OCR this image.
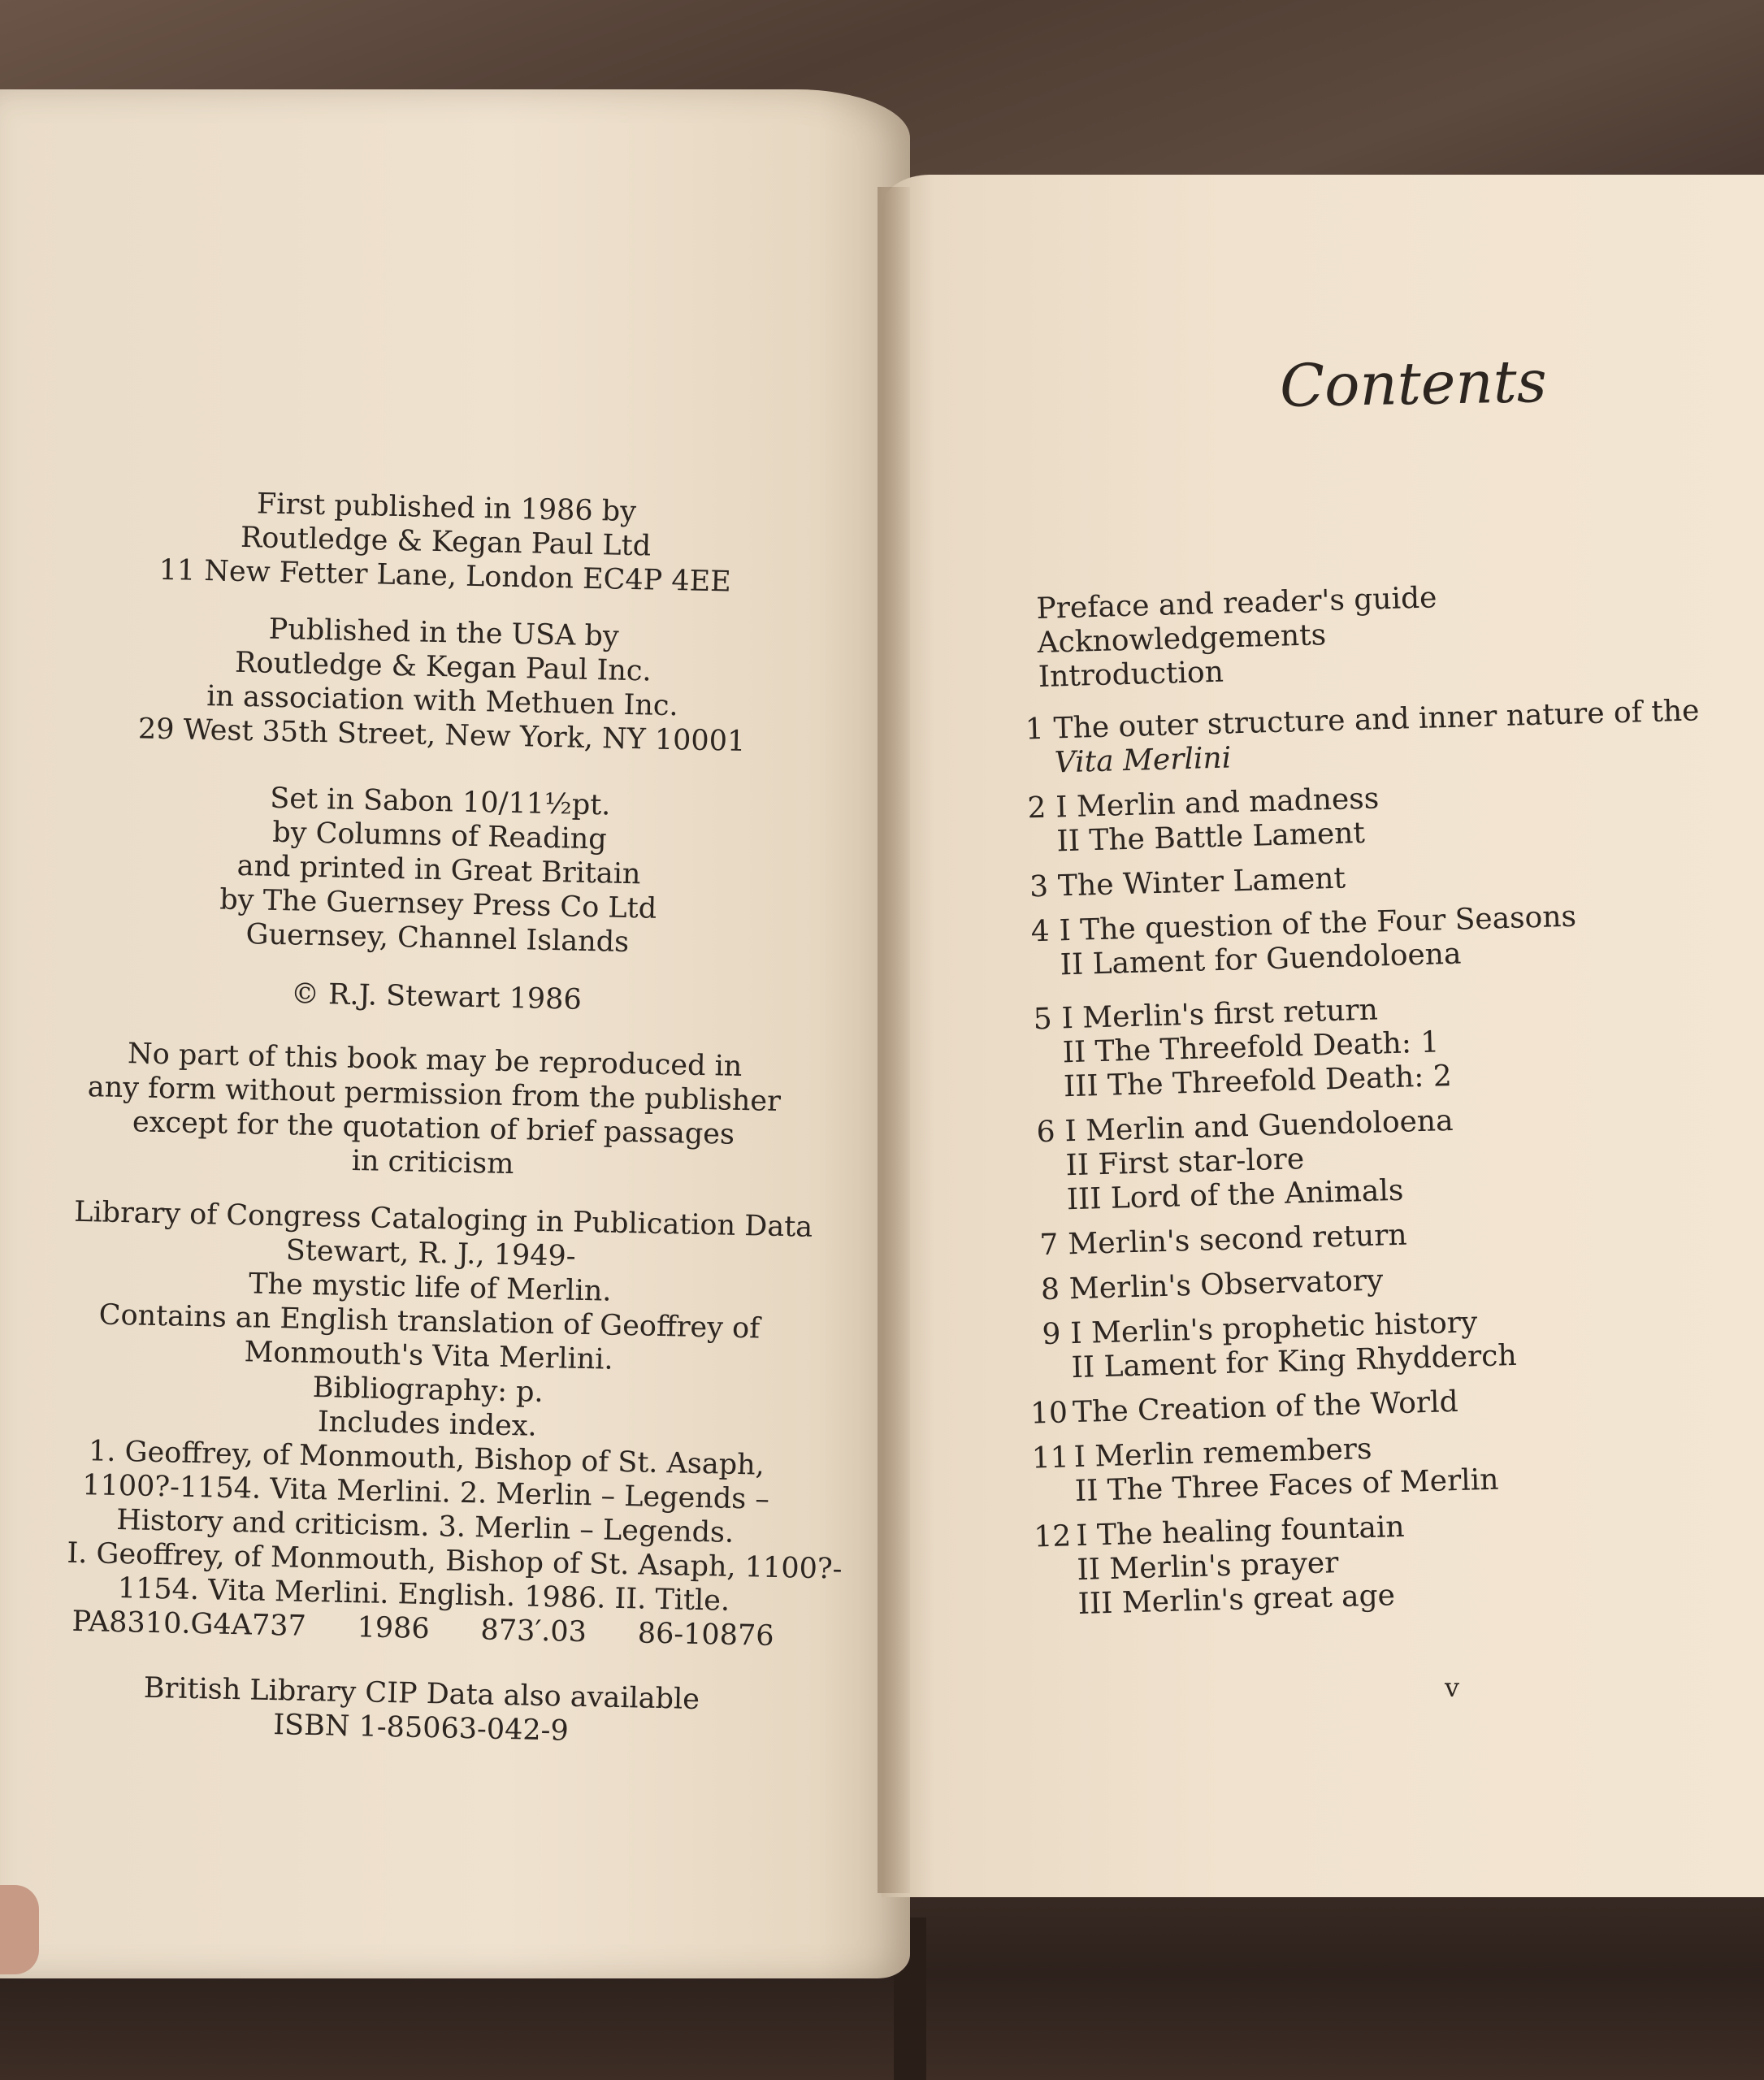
First published in 1986 by
Routledge & Kegan Paul Ltd
11 New Fetter Lane, London EC4P 4EE
Published in the USA by
Routledge & Kegan Paul Inc.
in association with Methuen Inc.
29 West 35th Street, New York, NY 10001
Set in Sabon 10/11½pt.
by Columns of Reading
and printed in Great Britain
by The Guernsey Press Co Ltd
Guernsey, Channel Islands
© R.J. Stewart 1986
No part of this book may be reproduced in
any form without permission from the publisher
except for the quotation of brief passages
in criticism
Library of Congress Cataloging in Publication Data
Stewart, R. J., 1949-
The mystic life of Merlin.
Contains an English translation of Geoffrey of
Monmouth's Vita Merlini.
Bibliography: p.
Includes index.
1. Geoffrey, of Monmouth, Bishop of St. Asaph,
1100?-1154. Vita Merlini. 2. Merlin – Legends –
History and criticism. 3. Merlin – Legends.
I. Geoffrey, of Monmouth, Bishop of St. Asaph, 1100?-
1154. Vita Merlini. English. 1986. II. Title.
PA8310.G4A737 1986 873′.03 86-10876
British Library CIP Data also available
ISBN 1-85063-042-9
Contents
Preface and reader's guide
Acknowledgements
Introduction
1 The outer structure and inner nature of the
Vita Merlini
2 I Merlin and madness
II The Battle Lament
3 The Winter Lament
4 I The question of the Four Seasons
II Lament for Guendoloena
5 I Merlin's first return
II The Threefold Death: 1
III The Threefold Death: 2
6 I Merlin and Guendoloena
II First star-lore
III Lord of the Animals
7 Merlin's second return
8 Merlin's Observatory
9 I Merlin's prophetic history
II Lament for King Rhydderch
10 The Creation of the World
11 I Merlin remembers
II The Three Faces of Merlin
12 I The healing fountain
II Merlin's prayer
III Merlin's great age
v
